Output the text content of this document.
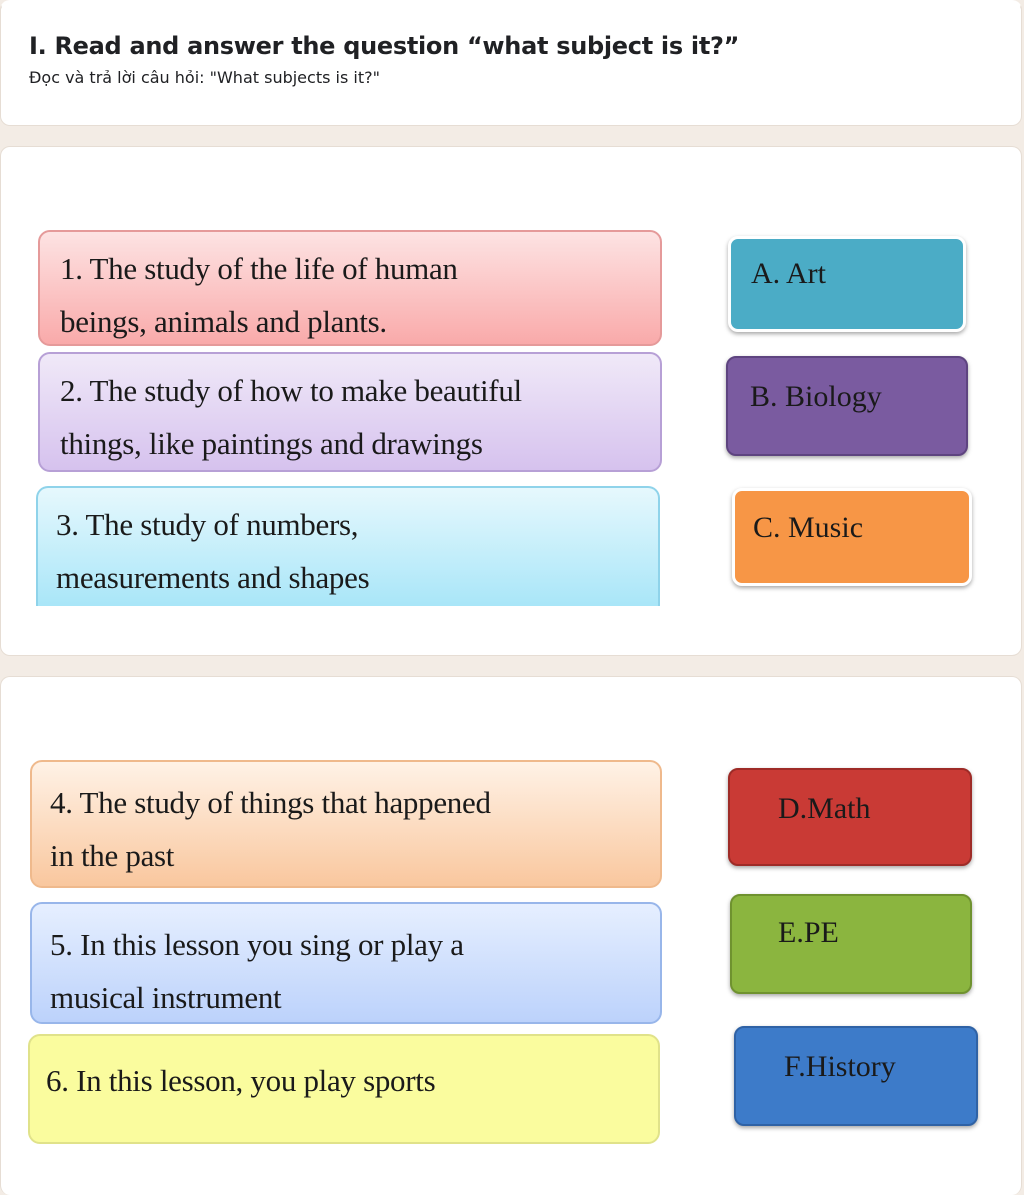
I. Read and answer the question “what subject is it?”
Đọc và trả lời câu hỏi: "What subjects is it?"
1. The study of the life of human
beings, animals and plants.
2. The study of how to make beautiful
things, like paintings and drawings
3. The study of numbers,
measurements and shapes
4. The study of things that happened
in the past
5. In this lesson you sing or play a
musical instrument
6. In this lesson, you play sports
A. Art
B. Biology
C. Music
D.Math
E.PE
F.History
